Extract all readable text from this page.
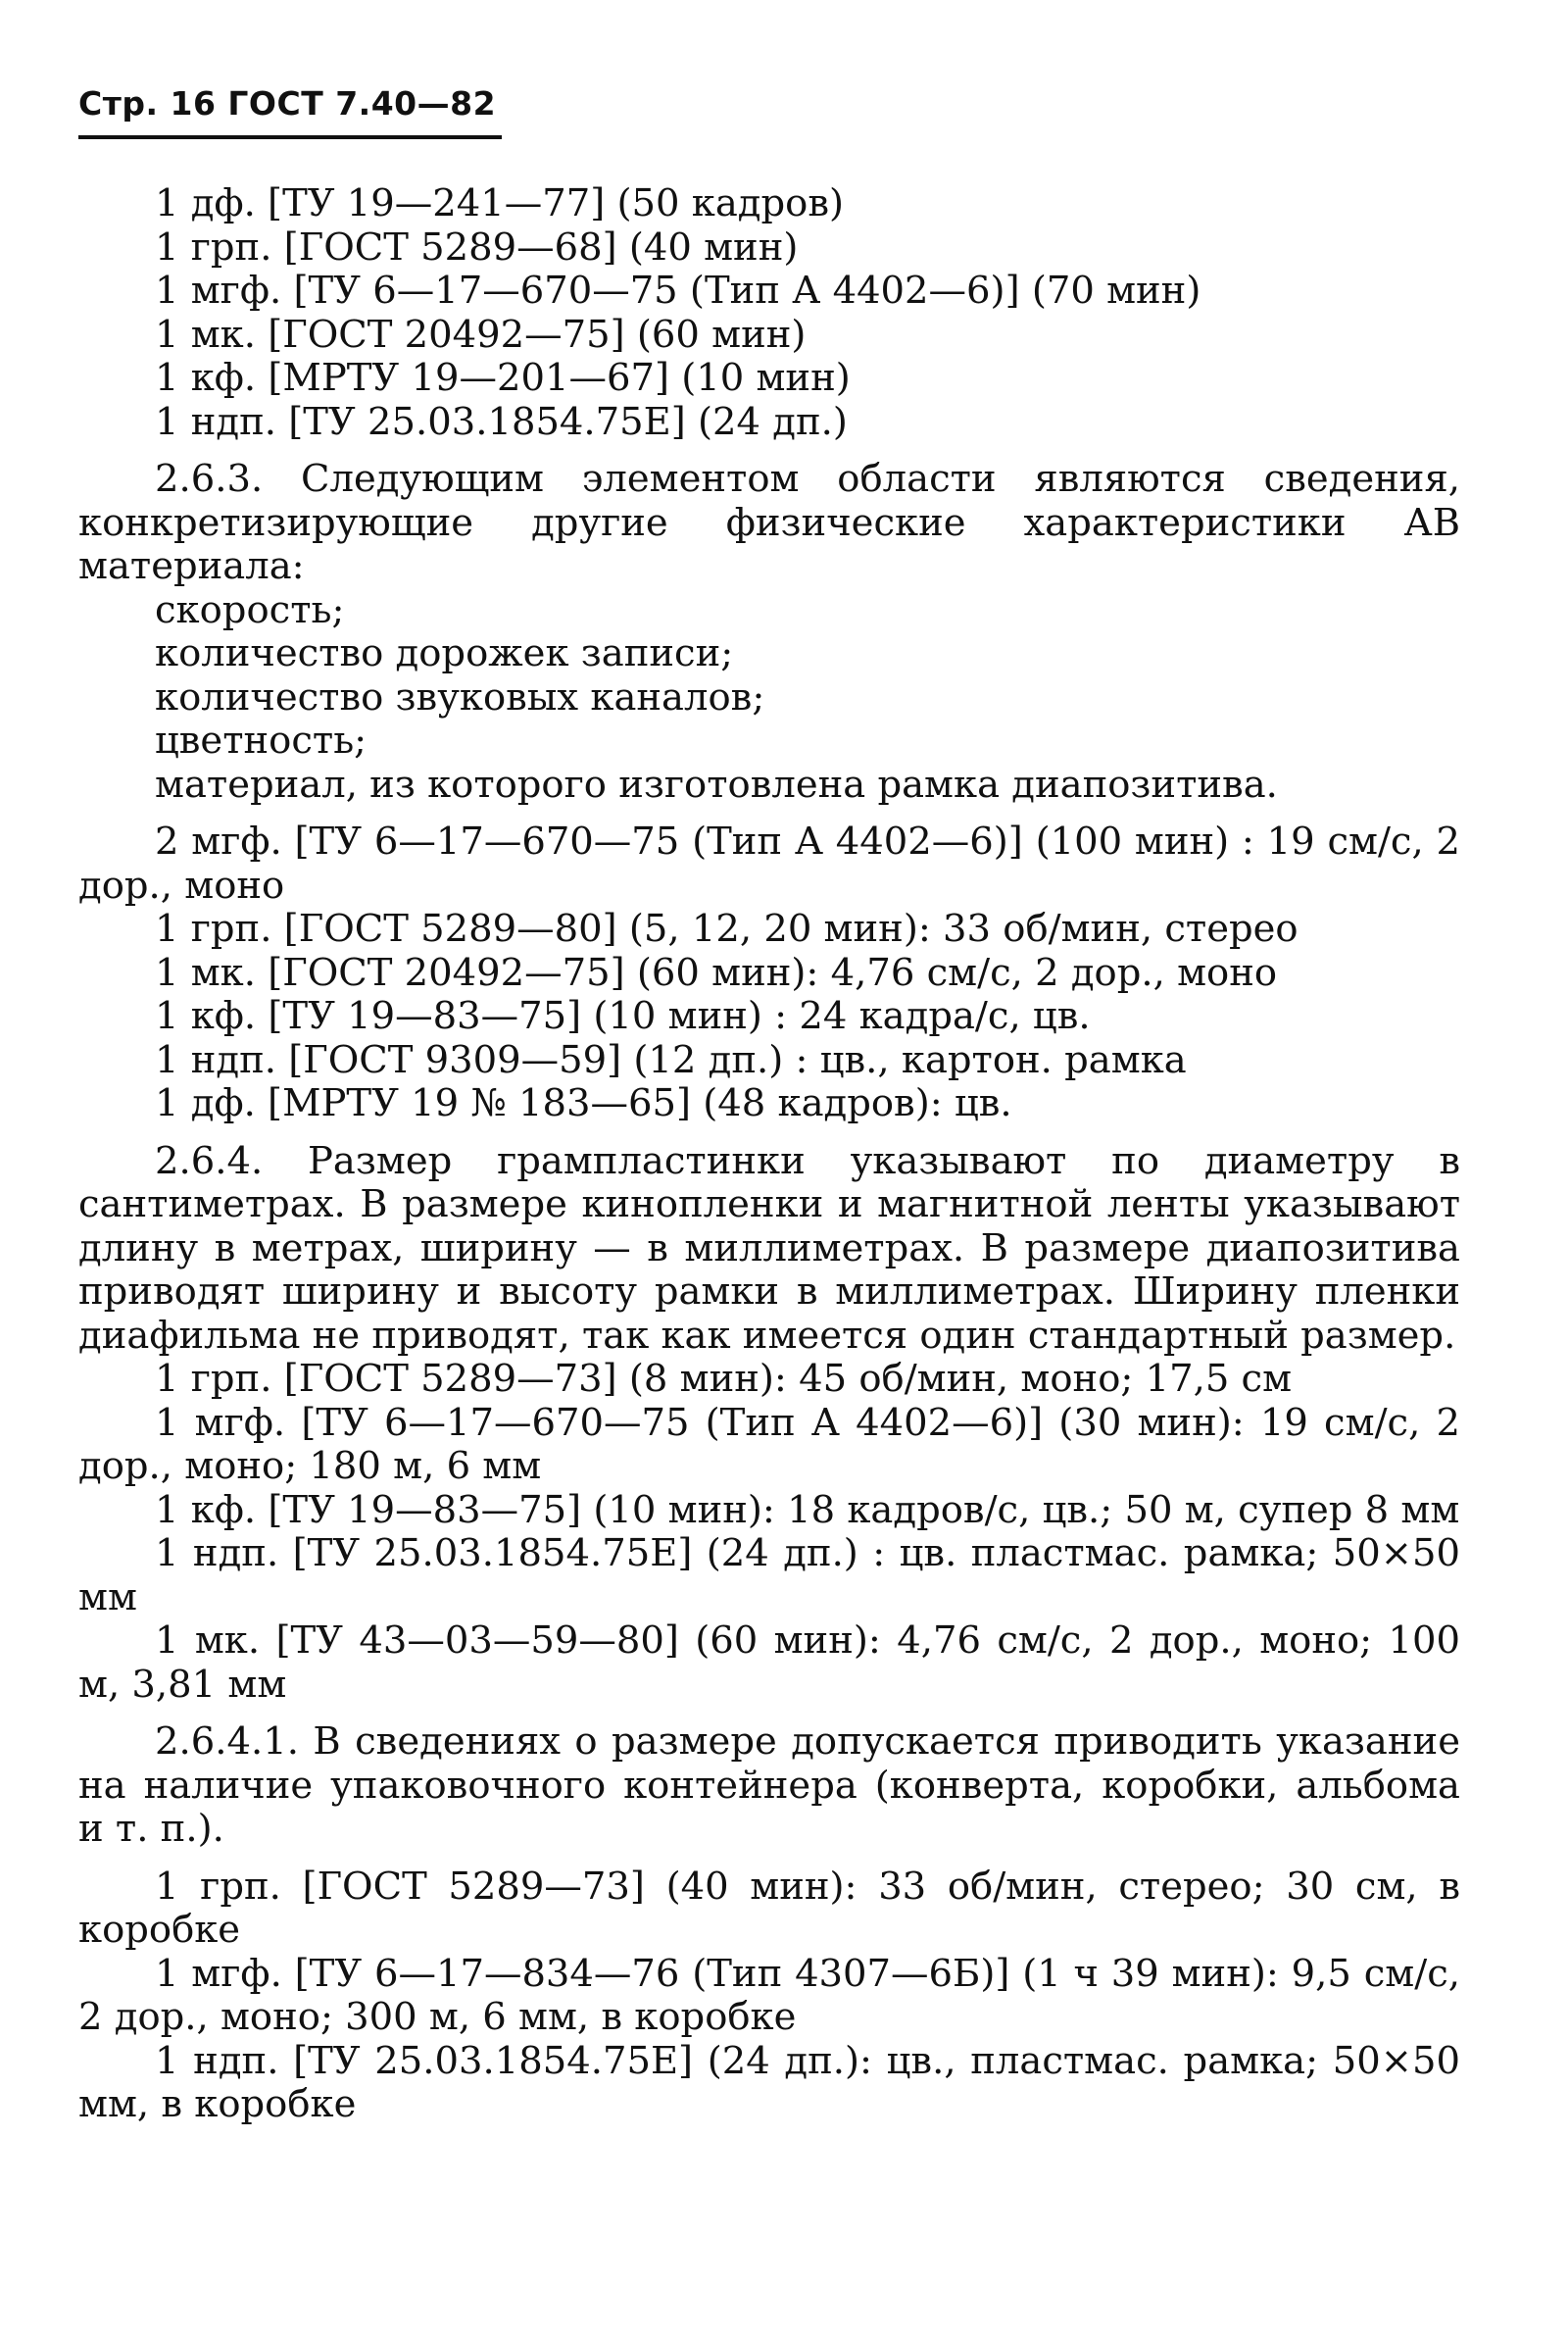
Стр. 16 ГОСТ 7.40—82

1 дф. [ТУ 19—241—77] (50 кадров)

1 грп. [ГОСТ 5289—68] (40 мин)

1 мгф. [ТУ 6—17—670—75 (Тип А 4402—6)] (70 мин)

1 мк. [ГОСТ 20492—75] (60 мин)

1 кф. [МРТУ 19—201—67] (10 мин)

1 ндп. [ТУ 25.03.1854.75Е] (24 дп.)

2.6.3. Следующим элементом области являются сведения, конкретизирующие другие физические характеристики АВ материала:

скорость;

количество дорожек записи;

количество звуковых каналов;

цветность;

материал, из которого изготовлена рамка диапозитива.

2 мгф. [ТУ 6—17—670—75 (Тип А 4402—6)] (100 мин) : 19 см/с, 2 дор., моно

1 грп. [ГОСТ 5289—80] (5, 12, 20 мин): 33 об/мин, стерео

1 мк. [ГОСТ 20492—75] (60 мин): 4,76 см/с, 2 дор., моно

1 кф. [ТУ 19—83—75] (10 мин) : 24 кадра/с, цв.

1 ндп. [ГОСТ 9309—59] (12 дп.) : цв., картон. рамка

1 дф. [МРТУ 19 № 183—65] (48 кадров): цв.

2.6.4. Размер грампластинки указывают по диаметру в сантиметрах. В размере кинопленки и магнитной ленты указывают длину в метрах, ширину — в миллиметрах. В размере диапозитива приводят ширину и высоту рамки в миллиметрах. Ширину пленки диафильма не приводят, так как имеется один стандартный размер.

1 грп. [ГОСТ 5289—73] (8 мин): 45 об/мин, моно; 17,5 см

1 мгф. [ТУ 6—17—670—75 (Тип А 4402—6)] (30 мин): 19 см/с, 2 дор., моно; 180 м, 6 мм

1 кф. [ТУ 19—83—75] (10 мин): 18 кадров/с, цв.; 50 м, супер 8 мм

1 ндп. [ТУ 25.03.1854.75Е] (24 дп.) : цв. пластмас. рамка; 50×50 мм

1 мк. [ТУ 43—03—59—80] (60 мин): 4,76 см/с, 2 дор., моно; 100 м, 3,81 мм

2.6.4.1. В сведениях о размере допускается приводить указание на наличие упаковочного контейнера (конверта, коробки, альбома и т. п.).

1 грп. [ГОСТ 5289—73] (40 мин): 33 об/мин, стерео; 30 см, в коробке

1 мгф. [ТУ 6—17—834—76 (Тип 4307—6Б)] (1 ч 39 мин): 9,5 см/с, 2 дор., моно; 300 м, 6 мм, в коробке

1 ндп. [ТУ 25.03.1854.75Е] (24 дп.): цв., пластмас. рамка; 50×50 мм, в коробке
